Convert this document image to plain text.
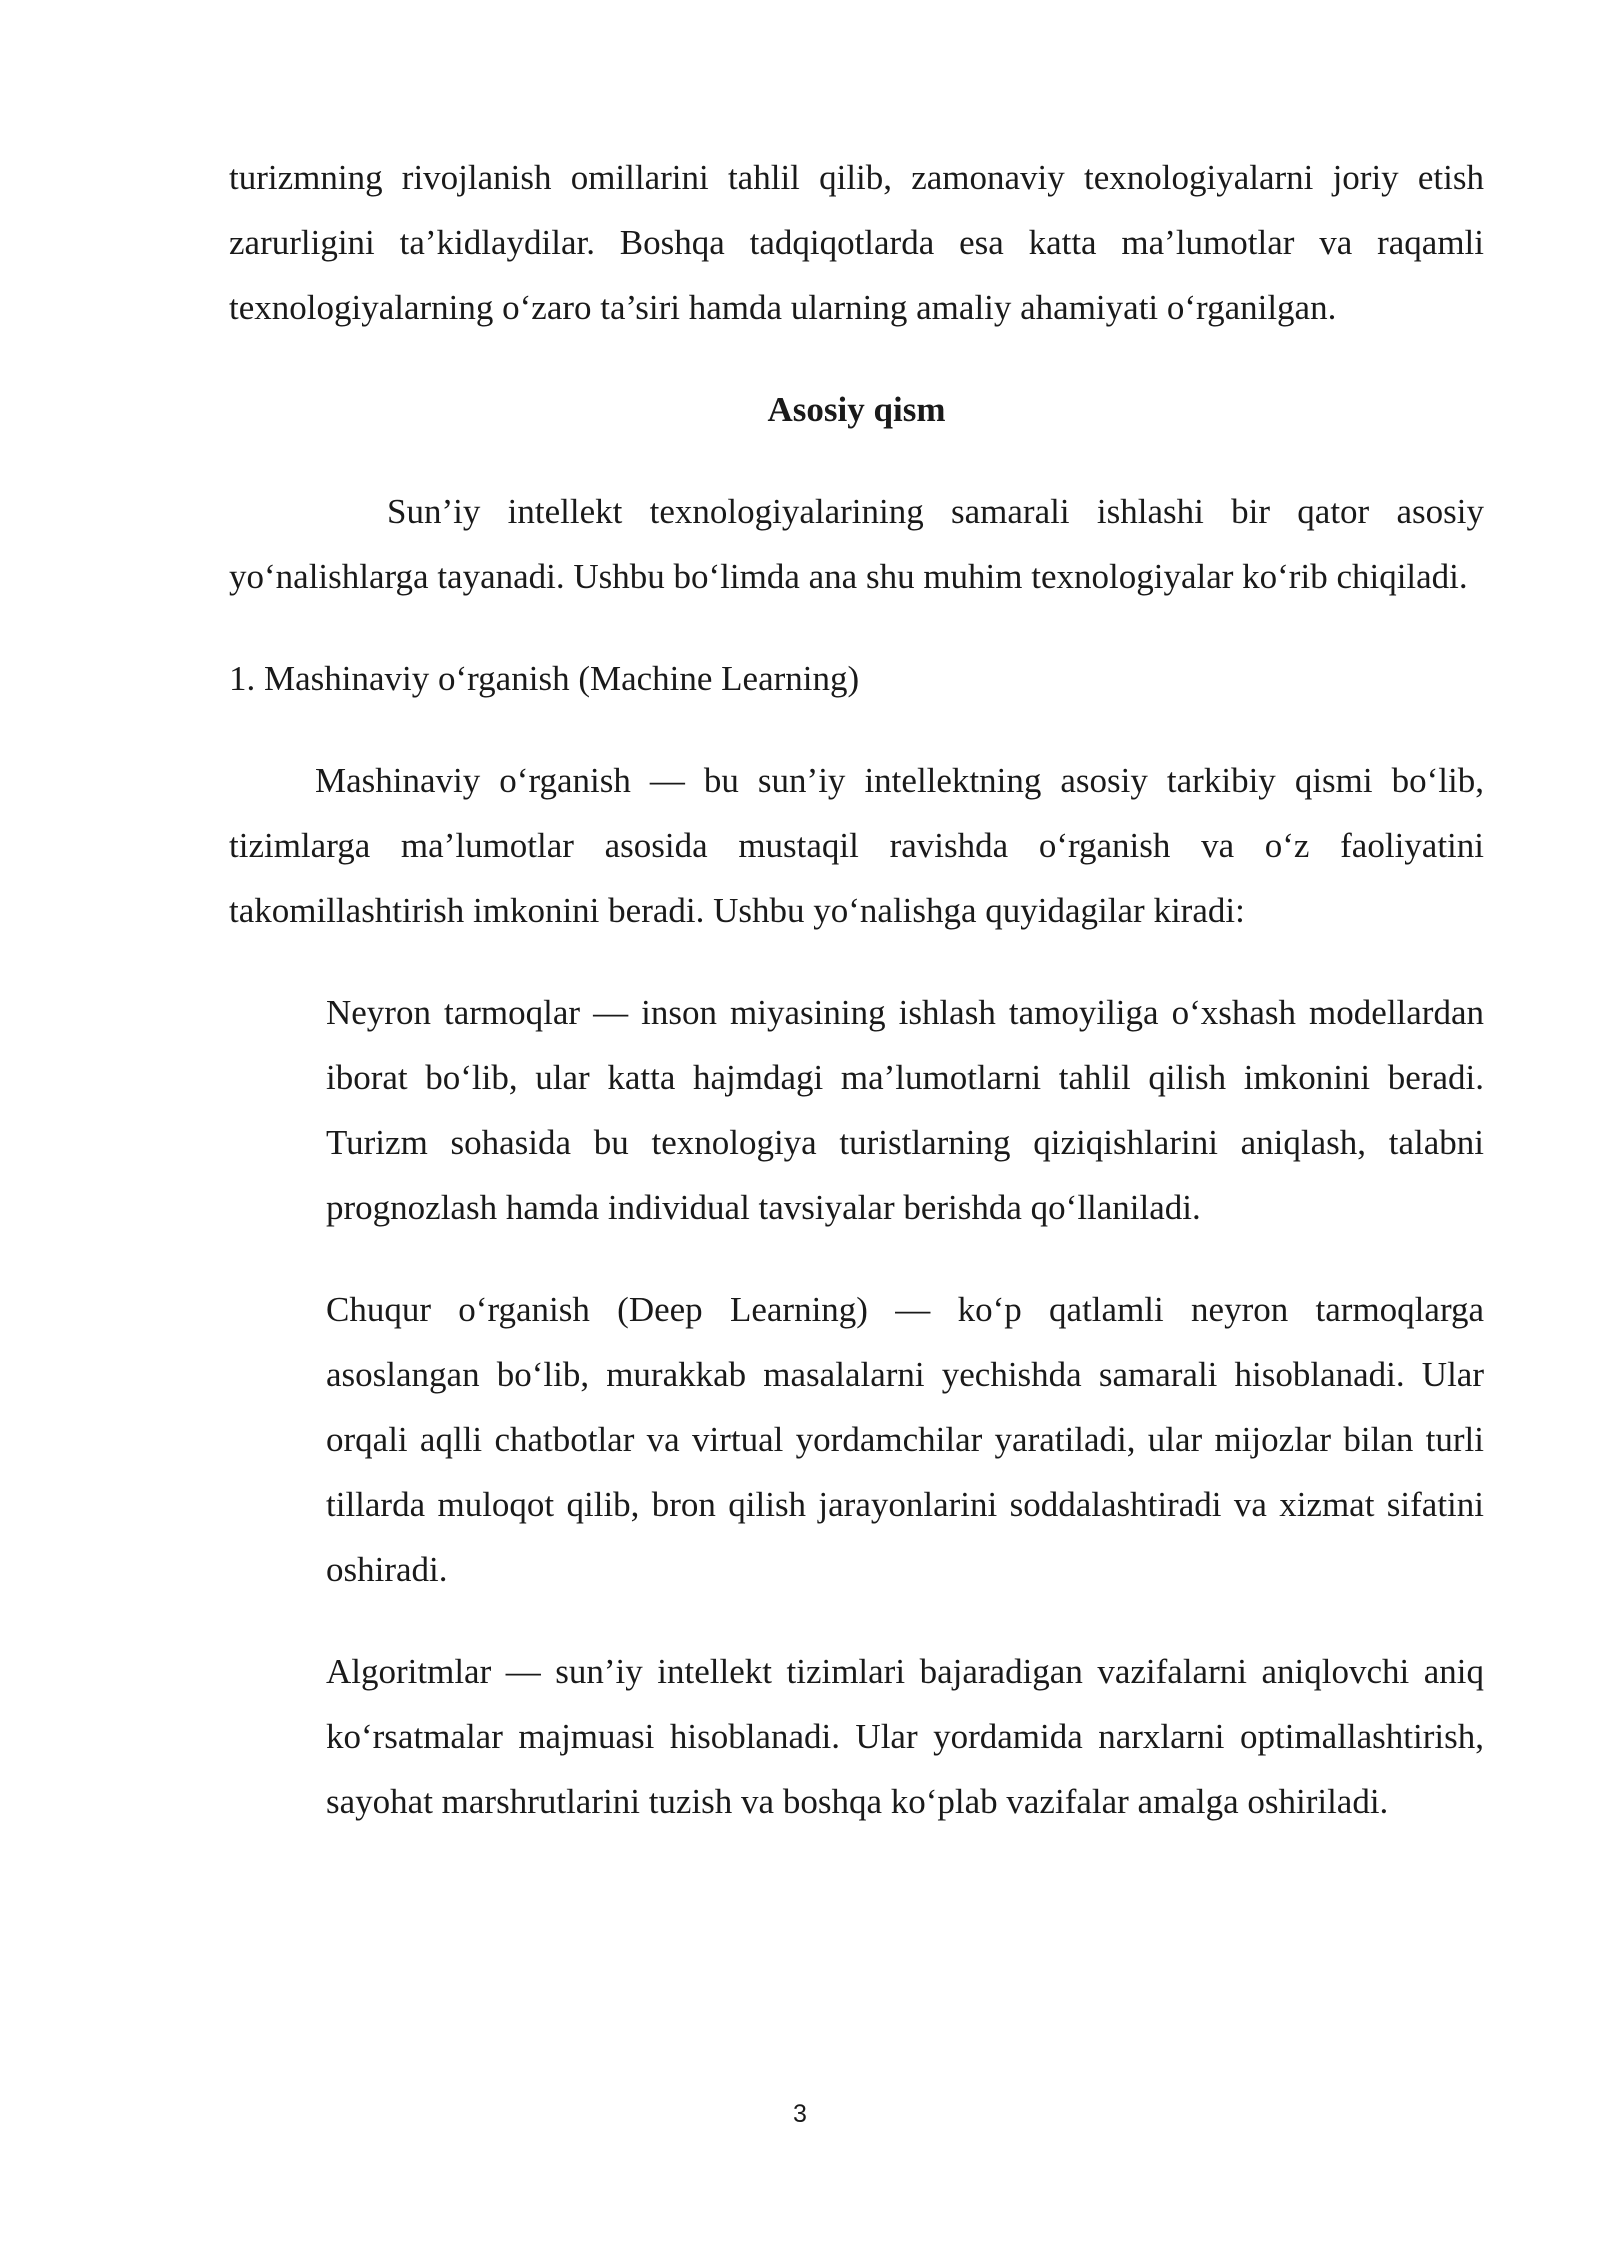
turizmning rivojlanish omillarini tahlil qilib, zamonaviy texnologiyalarni joriy etish zarurligini ta’kidlaydilar. Boshqa tadqiqotlarda esa katta ma’lumotlar va raqamli texnologiyalarning o‘zaro ta’siri hamda ularning amaliy ahamiyati o‘rganilgan.

Asosiy qism

Sun’iy intellekt texnologiyalarining samarali ishlashi bir qator asosiy yo‘nalishlarga tayanadi. Ushbu bo‘limda ana shu muhim texnologiyalar ko‘rib chiqiladi.

1. Mashinaviy o‘rganish (Machine Learning)

Mashinaviy o‘rganish — bu sun’iy intellektning asosiy tarkibiy qismi bo‘lib, tizimlarga ma’lumotlar asosida mustaqil ravishda o‘rganish va o‘z faoliyatini takomillashtirish imkonini beradi. Ushbu yo‘nalishga quyidagilar kiradi:

Neyron tarmoqlar — inson miyasining ishlash tamoyiliga o‘xshash modellardan iborat bo‘lib, ular katta hajmdagi ma’lumotlarni tahlil qilish imkonini beradi. Turizm sohasida bu texnologiya turistlarning qiziqishlarini aniqlash, talabni prognozlash hamda individual tavsiyalar berishda qo‘llaniladi.

Chuqur o‘rganish (Deep Learning) — ko‘p qatlamli neyron tarmoqlarga asoslangan bo‘lib, murakkab masalalarni yechishda samarali hisoblanadi. Ular orqali aqlli chatbotlar va virtual yordamchilar yaratiladi, ular mijozlar bilan turli tillarda muloqot qilib, bron qilish jarayonlarini soddalashtiradi va xizmat sifatini oshiradi.

Algoritmlar — sun’iy intellekt tizimlari bajaradigan vazifalarni aniqlovchi aniq ko‘rsatmalar majmuasi hisoblanadi. Ular yordamida narxlarni optimallashtirish, sayohat marshrutlarini tuzish va boshqa ko‘plab vazifalar amalga oshiriladi.

3
